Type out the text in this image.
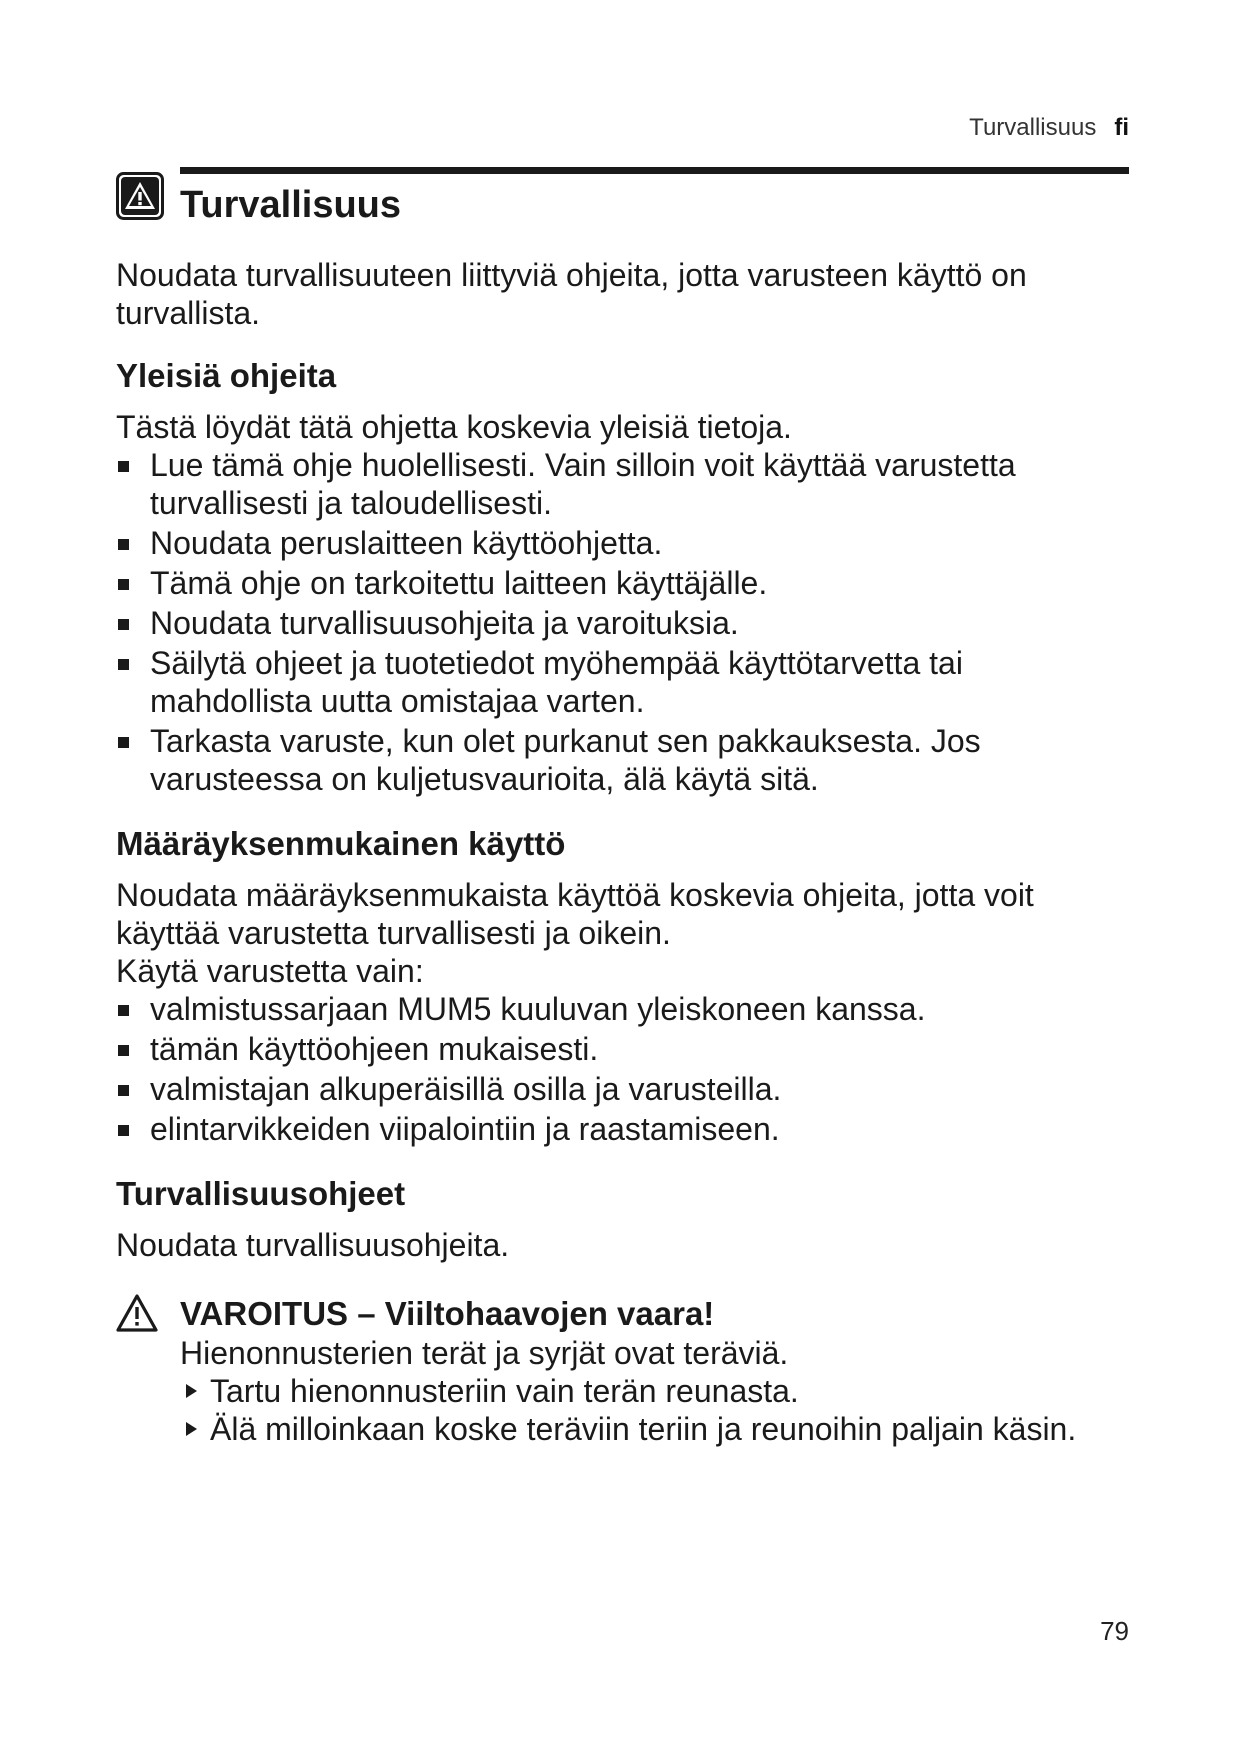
Turvallisuus fi
Turvallisuus

Noudata turvallisuuteen liittyviä ohjeita, jotta varusteen käyttö on turvallista.

Yleisiä ohjeita

Tästä löydät tätä ohjetta koskevia yleisiä tietoja.

Lue tämä ohje huolellisesti. Vain silloin voit käyttää varustetta turvallisesti ja taloudellisesti.
Noudata peruslaitteen käyttöohjetta.
Tämä ohje on tarkoitettu laitteen käyttäjälle.
Noudata turvallisuusohjeita ja varoituksia.
Säilytä ohjeet ja tuotetiedot myöhempää käyttötarvetta tai mahdollista uutta omistajaa varten.
Tarkasta varuste, kun olet purkanut sen pakkauksesta. Jos varusteessa on kuljetusvaurioita, älä käytä sitä.
Määräyksenmukainen käyttö

Noudata määräyksenmukaista käyttöä koskevia ohjeita, jotta voit käyttää varustetta turvallisesti ja oikein.

Käytä varustetta vain:

valmistussarjaan MUM5 kuuluvan yleiskoneen kanssa.
tämän käyttöohjeen mukaisesti.
valmistajan alkuperäisillä osilla ja varusteilla.
elintarvikkeiden viipalointiin ja raastamiseen.
Turvallisuusohjeet

Noudata turvallisuusohjeita.

VAROITUS – Viiltohaavojen vaara!

Hienonnusterien terät ja syrjät ovat teräviä.

Tartu hienonnusteriin vain terän reunasta.
Älä milloinkaan koske teräviin teriin ja reunoihin paljain käsin.
79
